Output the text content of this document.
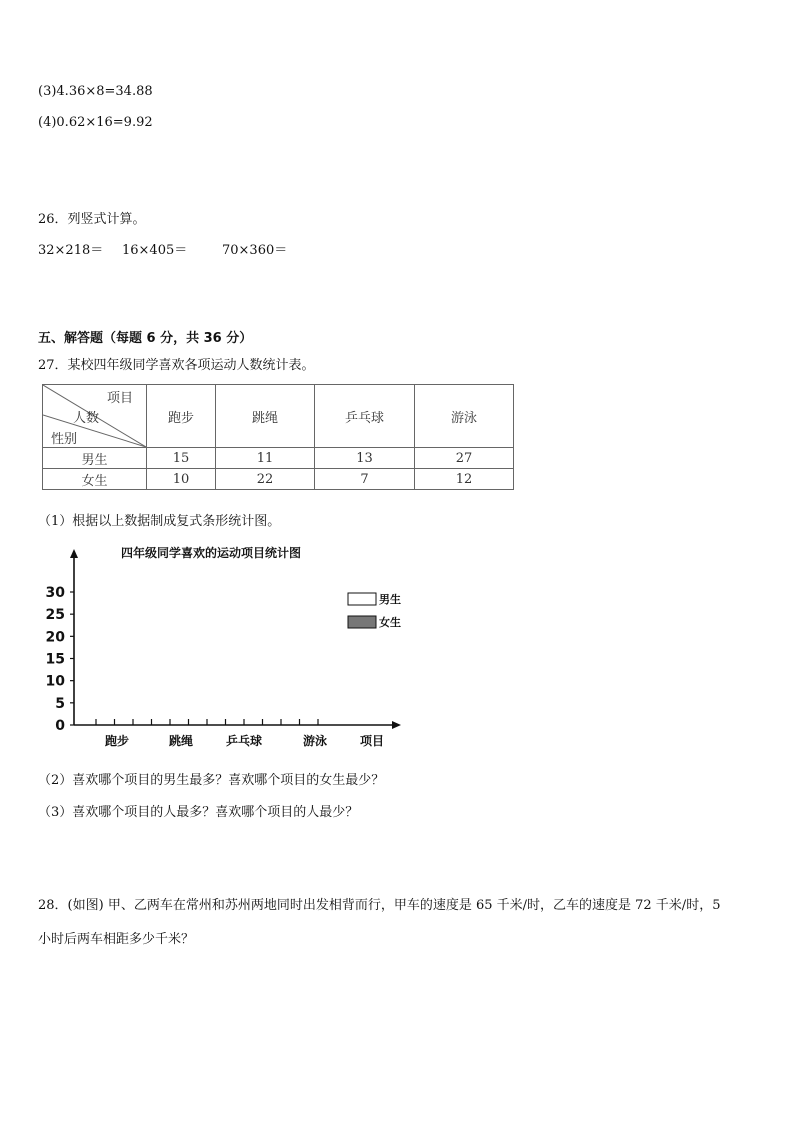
(3)4.36×8=34.88
(4)0.62×16=9.92
26．列竖式计算。
32×218＝ 16×405＝	70×360＝
五、解答题（每题 6 分，共 36 分）
27．某校四年级同学喜欢各项运动人数统计表。
项目
人数
性别	跑步	跳绳	乒乓球	游泳
男生	15	11	13	27
女生	10	22	7	12
（1）根据以上数据制成复式条形统计图。
四年级同学喜欢的运动项目统计图
0
5
10
15
20
25
30
跑步	跳绳	乒乓球	游泳	项目
男生
女生
（2）喜欢哪个项目的男生最多？喜欢哪个项目的女生最少？
（3）喜欢哪个项目的人最多？喜欢哪个项目的人最少？
28．(如图) 甲、乙两车在常州和苏州两地同时出发相背而行，甲车的速度是 65 千米/时，乙车的速度是 72 千米/时，5
小时后两车相距多少千米？
